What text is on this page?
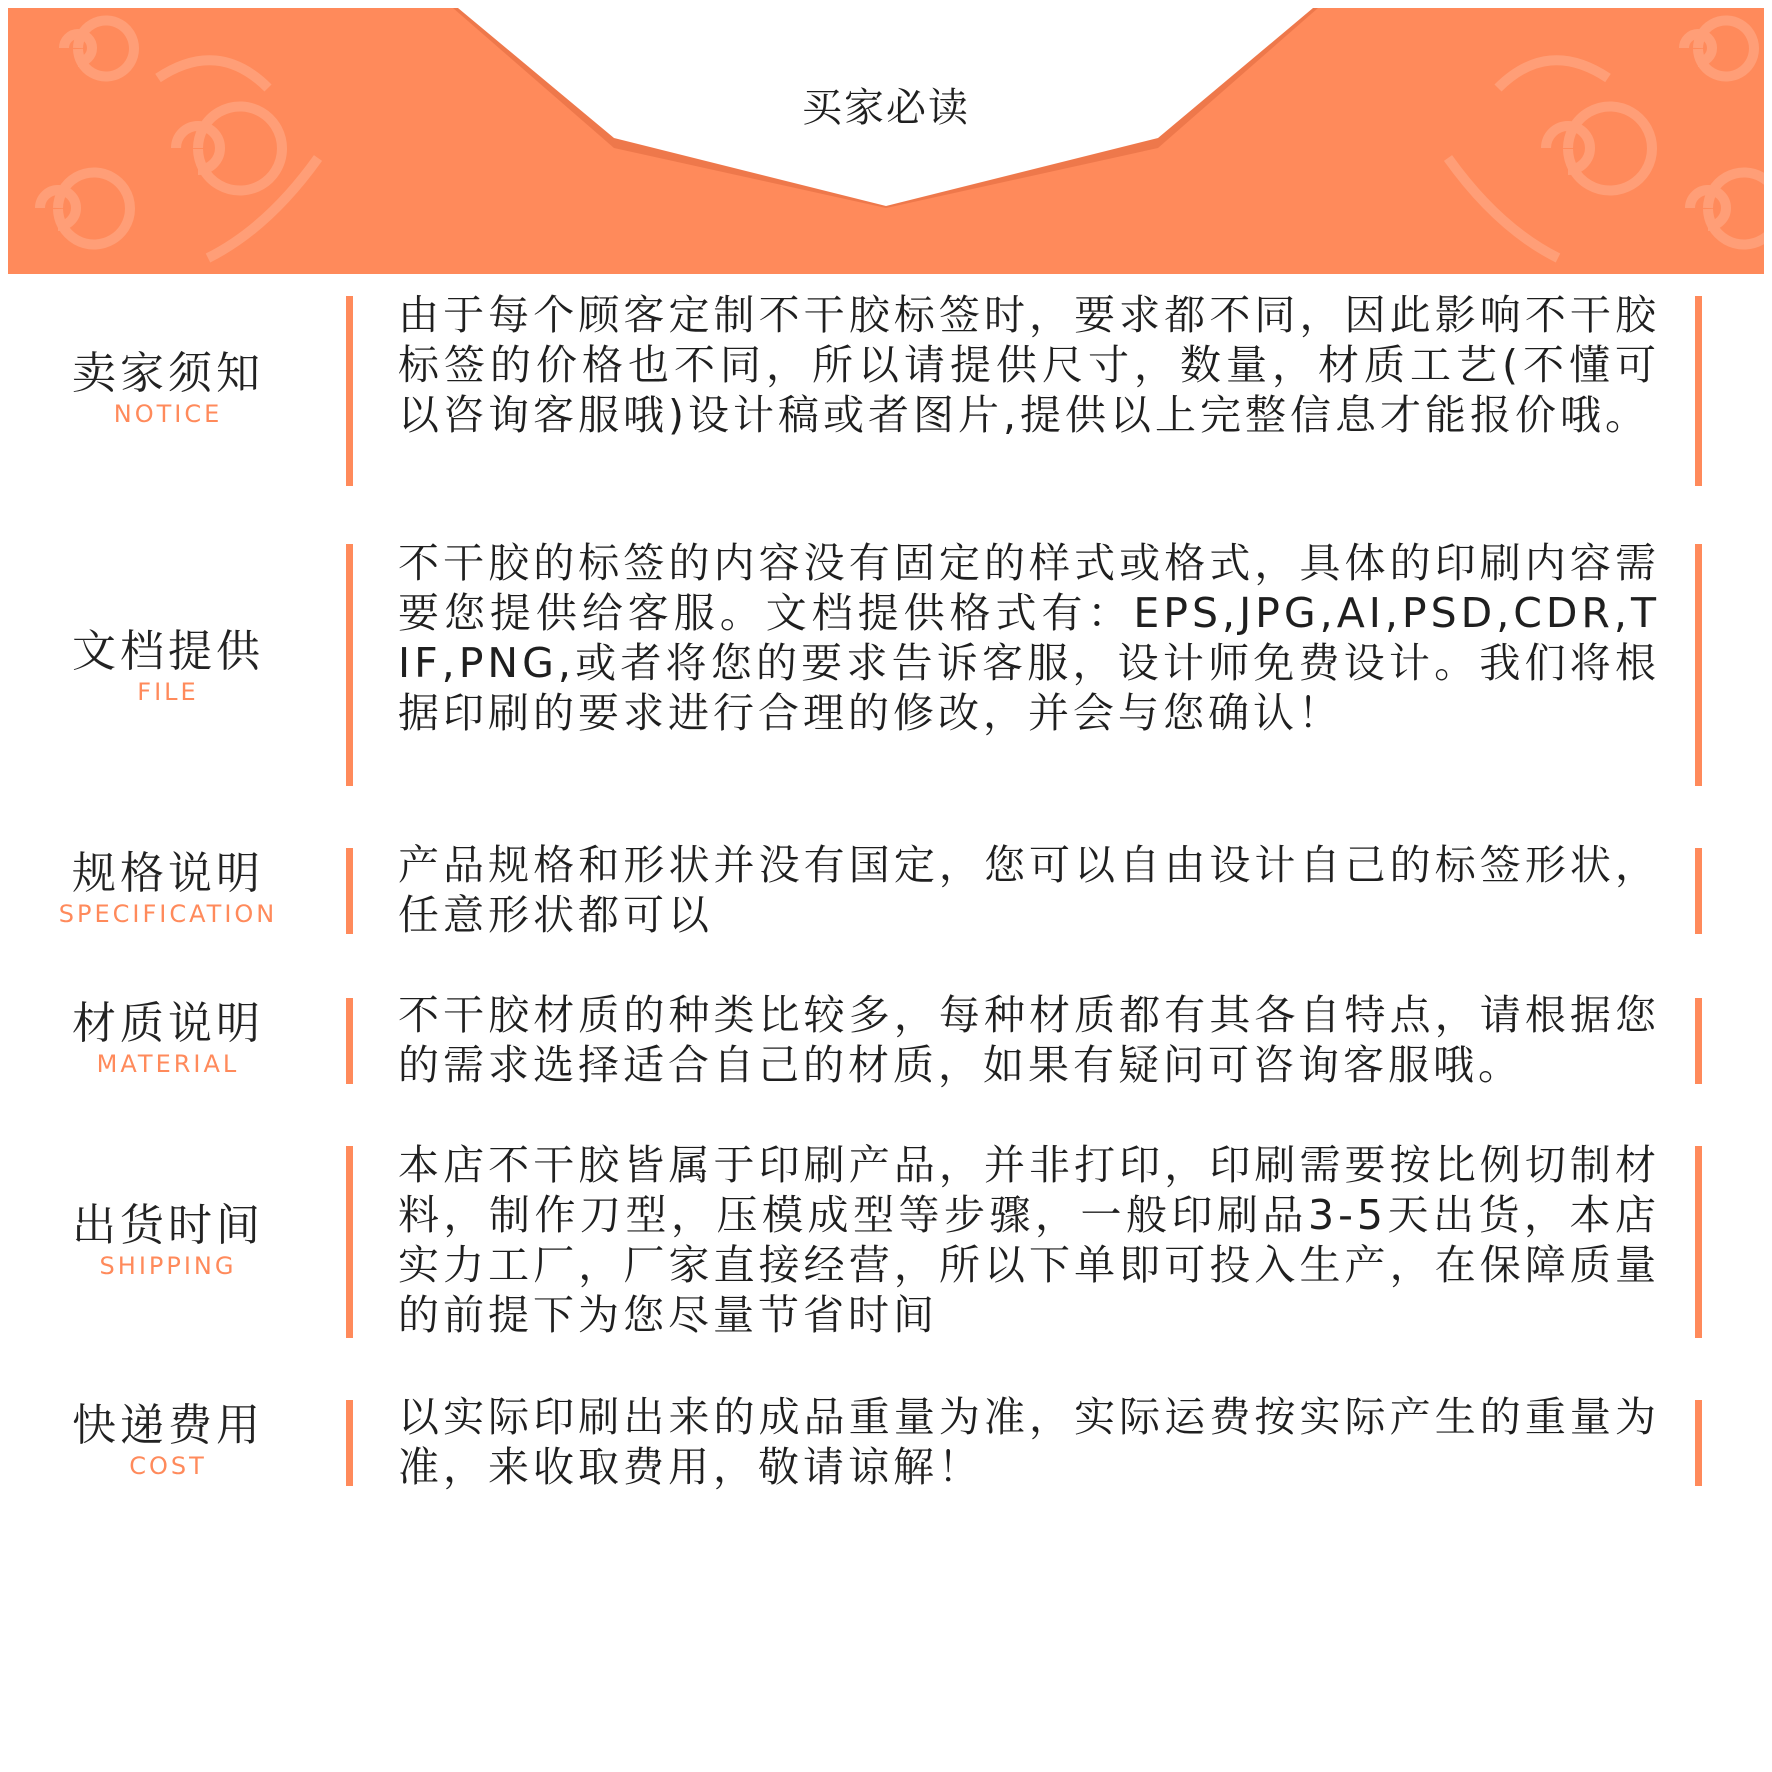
买家必读
卖家须知
NOTICE

由于每个顾客定制不干胶标签时，要求都不同，因此影响不干胶标签的价格也不同，所以请提供尺寸，数量，材质工艺(不懂可以咨询客服哦)设计稿或者图片,提供以上完整信息才能报价哦。

文档提供
FILE

不干胶的标签的内容没有固定的样式或格式，具体的印刷内容需要您提供给客服。文档提供格式有：EPS,JPG,AI,PSD,CDR,TIF,PNG,或者将您的要求告诉客服，设计师免费设计。我们将根据印刷的要求进行合理的修改，并会与您确认！

规格说明
SPECIFICATION

产品规格和形状并没有国定，您可以自由设计自己的标签形状，任意形状都可以

材质说明
MATERIAL

不干胶材质的种类比较多，每种材质都有其各自特点，请根据您的需求选择适合自己的材质，如果有疑问可咨询客服哦。

出货时间
SHIPPING

本店不干胶皆属于印刷产品，并非打印，印刷需要按比例切制材料，制作刀型，压模成型等步骤，一般印刷品3-5天出货，本店实力工厂，厂家直接经营，所以下单即可投入生产，在保障质量的前提下为您尽量节省时间

快递费用
COST

以实际印刷出来的成品重量为准，实际运费按实际产生的重量为准，来收取费用，敬请谅解！
